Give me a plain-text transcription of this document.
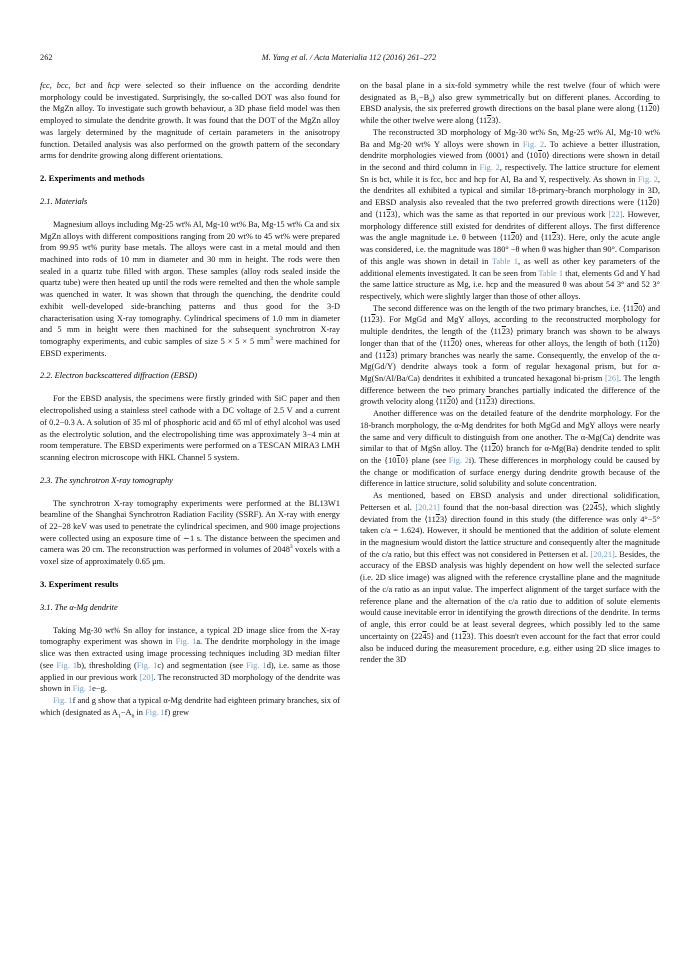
262	M. Yang et al. / Acta Materialia 112 (2016) 261–272

fcc, bcc, bct and hcp were selected so their influence on the according dendrite morphology could be investigated. Surprisingly, the so-called DOT was also found for the MgZn alloy. To investigate such growth behaviour, a 3D phase field model was then employed to simulate the dendrite growth. It was found that the DOT of the MgZn alloy was largely determined by the magnitude of certain parameters in the anisotropy function. Detailed analysis was also performed on the growth pattern of the secondary arms for dendrite growing along different orientations.

2. Experiments and methods
2.1. Materials

Magnesium alloys including Mg-25 wt% Al, Mg-10 wt% Ba, Mg-15 wt% Ca and six MgZn alloys with different compositions ranging from 20 wt% to 45 wt% were prepared from 99.95 wt% purity base metals. The alloys were cast in a metal mould and then machined into rods of 10 mm in diameter and 30 mm in height. The rods were then sealed in a quartz tube filled with argon. These samples (alloy rods sealed inside the quartz tube) were then heated up until the rods were remelted and then the whole sample was quenched in water. It was shown that through the quenching, the dendrite could exhibit well-developed side-branching patterns and thus good for the 3-D characterisation using X-ray tomography. Cylindrical specimens of 1.0 mm in diameter and 5 mm in height were then machined for the subsequent synchrotron X-ray tomography experiments, and cubic samples of size 5 × 5 × 5 $mm^3$ were machined for EBSD experiments.

2.2. Electron backscattered diffraction (EBSD)

For the EBSD analysis, the specimens were firstly grinded with SiC paper and then electropolished using a stainless steel cathode with a DC voltage of 2.5 V and a current of 0.2−0.3 A. A solution of 35 ml of phosphoric acid and 65 ml of ethyl alcohol was used as the electrolytic solution, and the electropolishing time was approximately 3−4 min at room temperature. The EBSD experiments were performed on a TESCAN MIRA3 LMH scanning electron microscope with HKL Channel 5 system.

2.3. The synchrotron X-ray tomography

The synchrotron X-ray tomography experiments were performed at the BL13W1 beamline of the Shanghai Synchrotron Radiation Facility (SSRF). An X-ray with energy of 22−28 keV was used to penetrate the cylindrical specimen, and 900 image projections were collected using an exposure time of ∼1 s. The distance between the specimen and camera was 20 cm. The reconstruction was performed in volumes of 2048$^3$ voxels with a voxel size of approximately 0.65 μm.

3. Experiment results
3.1. The α-Mg dendrite

Taking Mg-30 wt% Sn alloy for instance, a typical 2D image slice from the X-ray tomography experiment was shown in Fig. 1a. The dendrite morphology in the image slice was then extracted using image processing techniques including 3D median filter (see Fig. 1b), thresholding (Fig. 1c) and segmentation (see Fig. 1d), i.e. same as those applied in our previous work [20]. The reconstructed 3D morphology of the dendrite was shown in Fig. 1e−g.

Fig. 1f and g show that a typical α-Mg dendrite had eighteen primary branches, six of which (designated as $A_1-A_6$ in Fig. 1f) grew

on the basal plane in a six-fold symmetry while the rest twelve (four of which were designated as $B_1-B_4$) also grew symmetrically but on different planes. According to EBSD analysis, the six preferred growth directions on the basal plane were along ⟨1120⟩ while the other twelve were along ⟨1123⟩.

The reconstructed 3D morphology of Mg-30 wt% Sn, Mg-25 wt% Al, Mg-10 wt% Ba and Mg-20 wt% Y alloys were shown in Fig. 2. To achieve a better illustration, dendrite morphologies viewed from ⟨0001⟩ and ⟨1010⟩ directions were shown in detail in the second and third column in Fig. 2, respectively. The lattice structure for element Sn is bct, while it is fcc, bcc and hcp for Al, Ba and Y, respectively. As shown in Fig. 2, the dendrites all exhibited a typical and similar 18-primary-branch morphology in 3D, and EBSD analysis also revealed that the two preferred growth directions were ⟨1120⟩ and ⟨1123⟩, which was the same as that reported in our previous work [22]. However, morphology difference still existed for dendrites of different alloys. The first difference was the angle magnitude i.e. θ between ⟨1120⟩ and ⟨1123⟩. Here, only the acute angle was considered, i.e. the magnitude was 180° −θ when θ was higher than 90°. Comparison of this angle was shown in detail in Table 1, as well as other key parameters of the additional elements investigated. It can be seen from Table 1 that, elements Gd and Y had the same lattice structure as Mg, i.e. hcp and the measured θ was about 54 3° and 52 3° respectively, which were slightly larger than those of other alloys.

The second difference was on the length of the two primary branches, i.e. ⟨1120⟩ and ⟨1123⟩. For MgGd and MgY alloys, according to the reconstructed morphology for multiple dendrites, the length of the ⟨1123⟩ primary branch was shown to be always longer than that of the ⟨1120⟩ ones, whereas for other alloys, the length of both ⟨1120⟩ and ⟨1123⟩ primary branches was nearly the same. Consequently, the envelop of the α-Mg(Gd/Y) dendrite always took a form of regular hexagonal prism, but for α-Mg(Sn/Al/Ba/Ca) dendrites it exhibited a truncated hexagonal bi-prism [26]. The length difference between the two primary branches partially indicated the difference of the growth velocity along ⟨1120⟩ and ⟨1123⟩ directions.

Another difference was on the detailed feature of the dendrite morphology. For the 18-branch morphology, the α-Mg dendrites for both MgGd and MgY alloys were nearly the same and very difficult to distinguish from one another. The α-Mg(Ca) dendrite was similar to that of MgSn alloy. The ⟨1120⟩ branch for α-Mg(Ba) dendrite tended to split on the {1010} plane (see Fig. 2i). These differences in morphology could be caused by the change or modification of surface energy during dendrite growth because of the difference in lattice structure, solid solubility and solute concentration.

As mentioned, based on EBSD analysis and under directional solidification, Pettersen et al. [20,21] found that the non-basal direction was ⟨2245⟩, which slightly deviated from the ⟨1123⟩ direction found in this study (the difference was only 4°−5° taken c/a = 1.624). However, it should be mentioned that the addition of solute element in the magnesium would distort the lattice structure and consequently alter the magnitude of the c/a ratio, but this effect was not considered in Pettersen et al. [20,21]. Besides, the accuracy of the EBSD analysis was highly dependent on how well the selected surface (i.e. 2D slice image) was aligned with the reference crystalline plane and the magnitude of the c/a ratio as an input value. The imperfect alignment of the target surface with the reference plane and the alternation of the c/a ratio due to addition of solute elements would cause inevitable error in identifying the growth directions of the dendrite. In terms of angle, this error could be at least several degrees, which possibly led to the same uncertainty on ⟨2245⟩ and ⟨1123⟩. This doesn't even account for the fact that error could also be induced during the measurement procedure, e.g. either using 2D slice images to render the 3D
